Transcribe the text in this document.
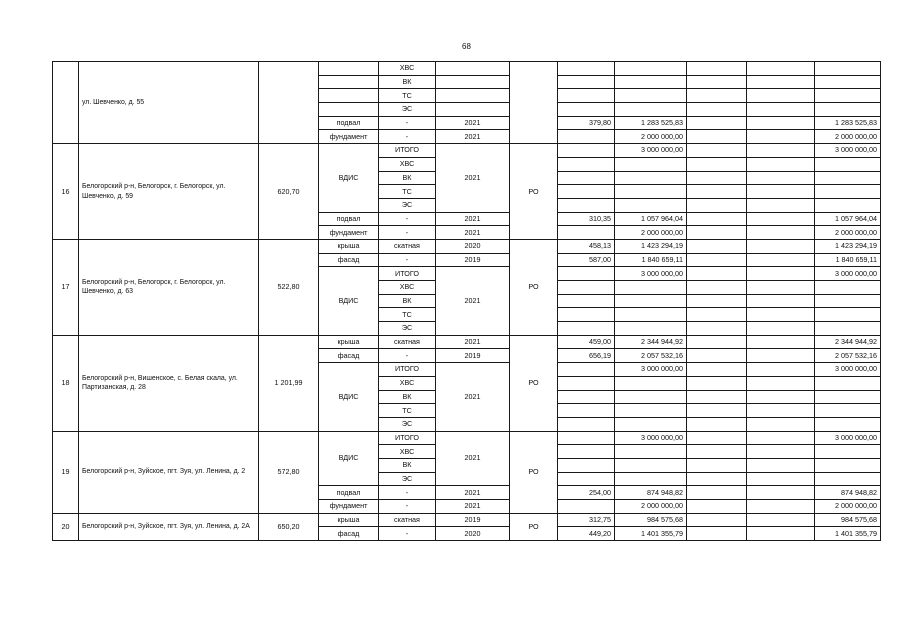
68
	ул. Шевченко, д. 55			ХВС							
				ВК							
				ТС							
				ЭС							
			подвал	-	2021		379,80	1 283 525,83			1 283 525,83
			фундамент	-	2021			2 000 000,00			2 000 000,00
16	Белогорский р-н, Белогорск, г. Белогорск, ул. Шевченко, д. 59	620,70	ВДИС	ИТОГО	2021	РО		3 000 000,00			3 000 000,00
				ХВС							
				ВК							
				ТС							
				ЭС							
			подвал	-	2021		310,35	1 057 964,04			1 057 964,04
			фундамент	-	2021			2 000 000,00			2 000 000,00
17	Белогорский р-н, Белогорск, г. Белогорск, ул. Шевченко, д. 63	522,80	крыша	скатная	2020	РО	458,13	1 423 294,19			1 423 294,19
			фасад	-	2019		587,00	1 840 659,11			1 840 659,11
			ВДИС	ИТОГО	2021			3 000 000,00			3 000 000,00
				ХВС							
				ВК							
				ТС							
				ЭС							
18	Белогорский р-н, Вишенское, с. Белая скала, ул. Партизанская, д. 28	1 201,99	крыша	скатная	2021	РО	459,00	2 344 944,92			2 344 944,92
			фасад	-	2019		656,19	2 057 532,16			2 057 532,16
			ВДИС	ИТОГО	2021			3 000 000,00			3 000 000,00
				ХВС							
				ВК							
				ТС							
				ЭС							
19	Белогорский р-н, Зуйское, пгт. Зуя, ул. Ленина, д. 2	572,80	ВДИС	ИТОГО	2021	РО		3 000 000,00			3 000 000,00
				ХВС							
				ВК							
				ЭС							
			подвал	-	2021		254,00	874 948,82			874 948,82
			фундамент	-	2021			2 000 000,00			2 000 000,00
20	Белогорский р-н, Зуйское, пгт. Зуя, ул. Ленина, д. 2А	650,20	крыша	скатная	2019	РО	312,75	984 575,68			984 575,68
			фасад	-	2020		449,20	1 401 355,79			1 401 355,79
